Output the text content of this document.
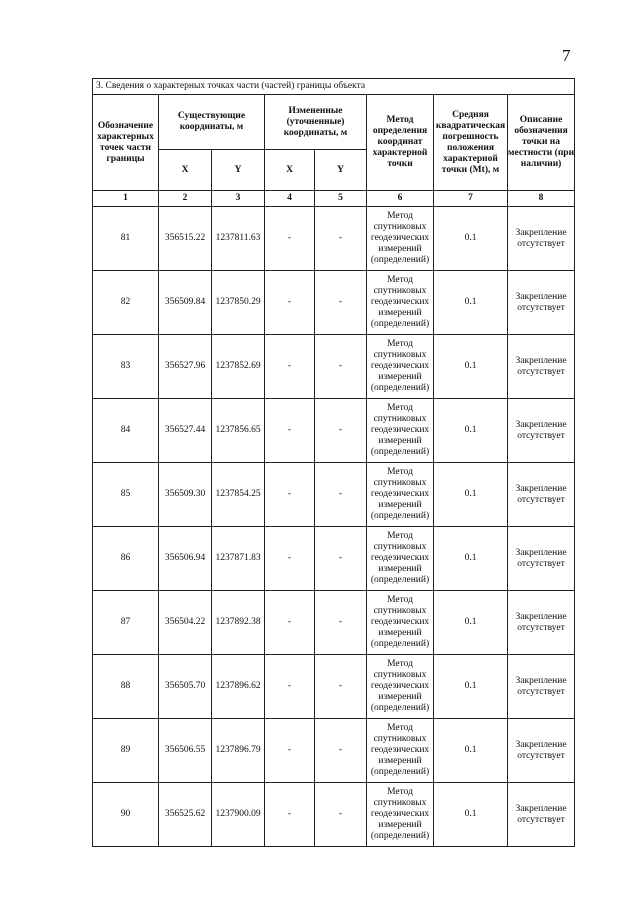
7
3. Сведения о характерных точках части (частей) границы объекта							
Обозначение характерных точек части границы	Существующие координаты, м		Измененные (уточненные) координаты, м		Метод определения координат характерной точки	Средняя квадратическая погрешность положения характерной точки (Mt), м	Описание обозначения точки на местности (при наличии)
	X	Y	X	Y			
1	2	3	4	5	6	7	8
81	356515.22	1237811.63	-	-	Метод спутниковых геодезических измерений (определений)	0.1	Закрепление отсутствует
82	356509.84	1237850.29	-	-	Метод спутниковых геодезических измерений (определений)	0.1	Закрепление отсутствует
83	356527.96	1237852.69	-	-	Метод спутниковых геодезических измерений (определений)	0.1	Закрепление отсутствует
84	356527.44	1237856.65	-	-	Метод спутниковых геодезических измерений (определений)	0.1	Закрепление отсутствует
85	356509.30	1237854.25	-	-	Метод спутниковых геодезических измерений (определений)	0.1	Закрепление отсутствует
86	356506.94	1237871.83	-	-	Метод спутниковых геодезических измерений (определений)	0.1	Закрепление отсутствует
87	356504.22	1237892.38	-	-	Метод спутниковых геодезических измерений (определений)	0.1	Закрепление отсутствует
88	356505.70	1237896.62	-	-	Метод спутниковых геодезических измерений (определений)	0.1	Закрепление отсутствует
89	356506.55	1237896.79	-	-	Метод спутниковых геодезических измерений (определений)	0.1	Закрепление отсутствует
90	356525.62	1237900.09	-	-	Метод спутниковых геодезических измерений (определений)	0.1	Закрепление отсутствует
